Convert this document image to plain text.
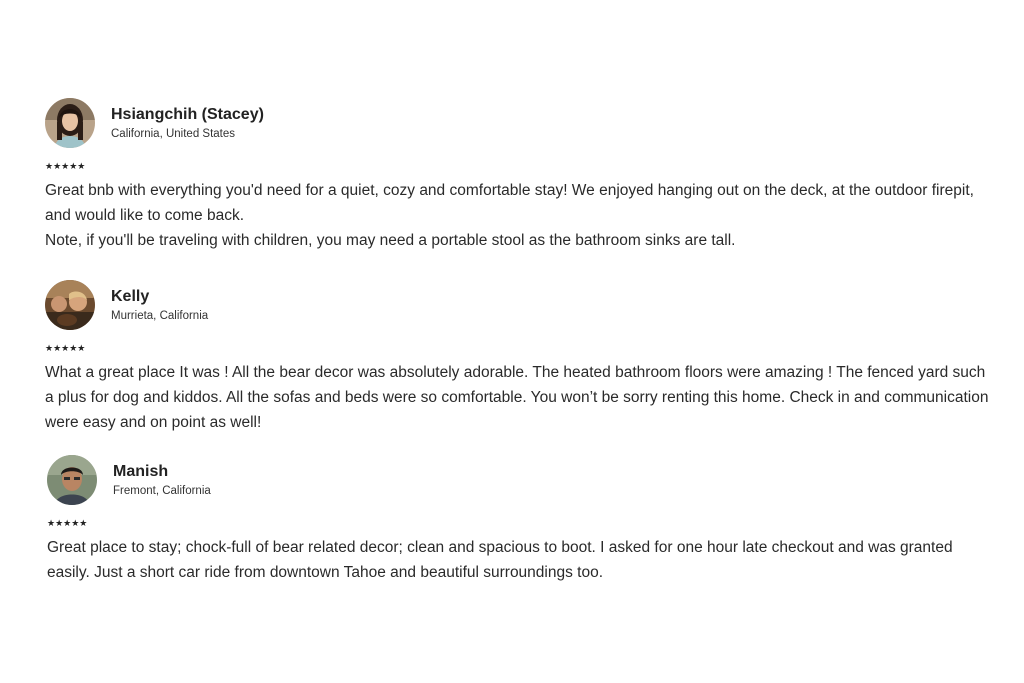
Hsiangchih (Stacey)
California, United States
★★★★★

Great bnb with everything you'd need for a quiet, cozy and comfortable stay! We enjoyed hanging out on the deck, at the outdoor firepit, and would like to come back.

Note, if you'll be traveling with children, you may need a portable stool as the bathroom sinks are tall.

Kelly
Murrieta, California
★★★★★

What a great place It was ! All the bear decor was absolutely adorable. The heated bathroom floors were amazing ! The fenced yard such a plus for dog and kiddos. All the sofas and beds were so comfortable. You won’t be sorry renting this home. Check in and communication were easy and on point as well!

Manish
Fremont, California
★★★★★

Great place to stay; chock-full of bear related decor; clean and spacious to boot. I asked for one hour late checkout and was granted easily. Just a short car ride from downtown Tahoe and beautiful surroundings too.
